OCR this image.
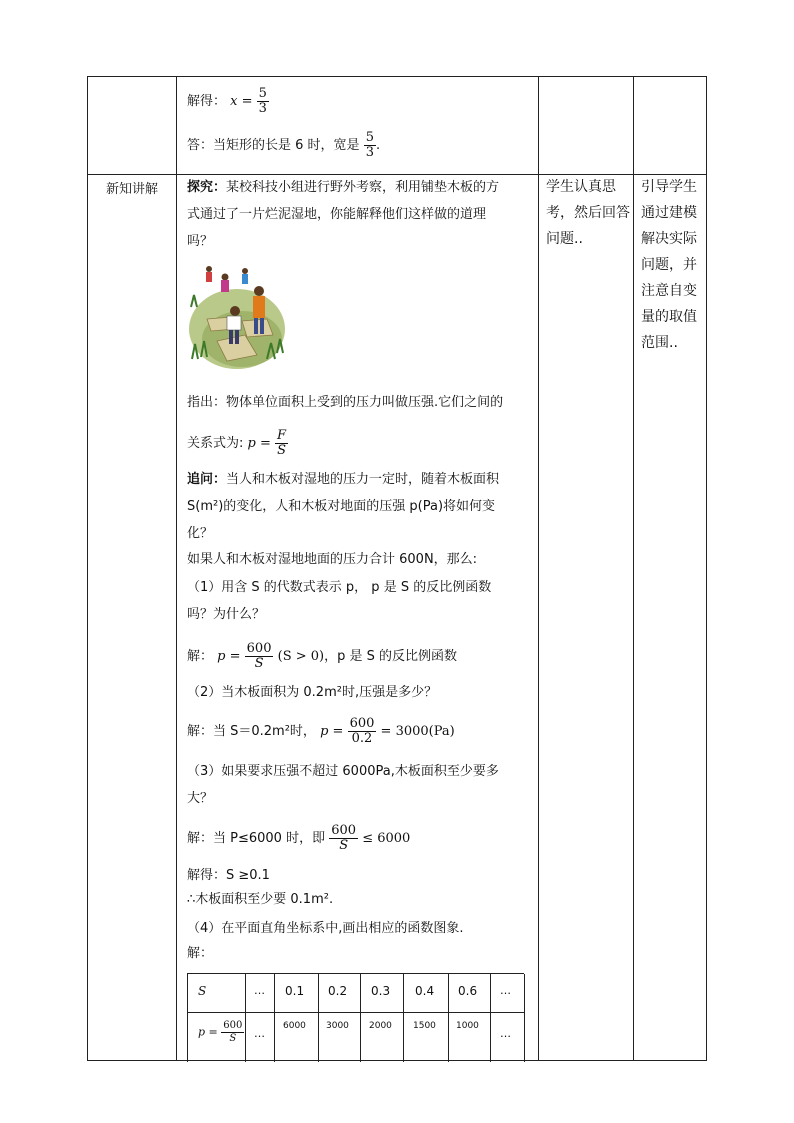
解得： $x = \frac{5}{3}$
答：当矩形的长是 6 时，宽是 $\frac{5}{3}$ .
新知讲解 探究：某校科技小组进行野外考察，利用铺垫木板的方
式通过了一片烂泥湿地，你能解释他们这样做的道理
吗？
指出：物体单位面积上受到的压力叫做压强.它们之间的
关系式为: $p = \frac{F}{S}$
追问：当人和木板对湿地的压力一定时，随着木板面积
S(m²)的变化，人和木板对地面的压强 p(Pa)将如何变
化？
如果人和木板对湿地地面的压力合计 600N，那么:
（1）用含 S 的代数式表示 p， p 是 S 的反比例函数
吗？为什么？
解： $p = \frac{600}{S} (S > 0)$，p 是 S 的反比例函数
（2）当木板面积为 0.2m²时,压强是多少？
解：当 S＝0.2m²时， $p = \frac{600}{0.2} = 3000(Pa)$
（3）如果要求压强不超过 6000Pa,木板面积至少要多
大？
解：当 P≤6000 时，即 $\frac{600}{S} \le 6000$
解得：S ≥0.1
∴木板面积至少要 0.1m².
（4）在平面直角坐标系中,画出相应的函数图象.
解：
S	… 0.1 0.2 0.3 0.4 0.6 …
$p = \frac{600}{S}$ …
6000 3000 2000 1500 1000
…
学生认真思考，然后回答问题..
引导学生通过建模解决实际问题，并注意自变量的取值范围..
